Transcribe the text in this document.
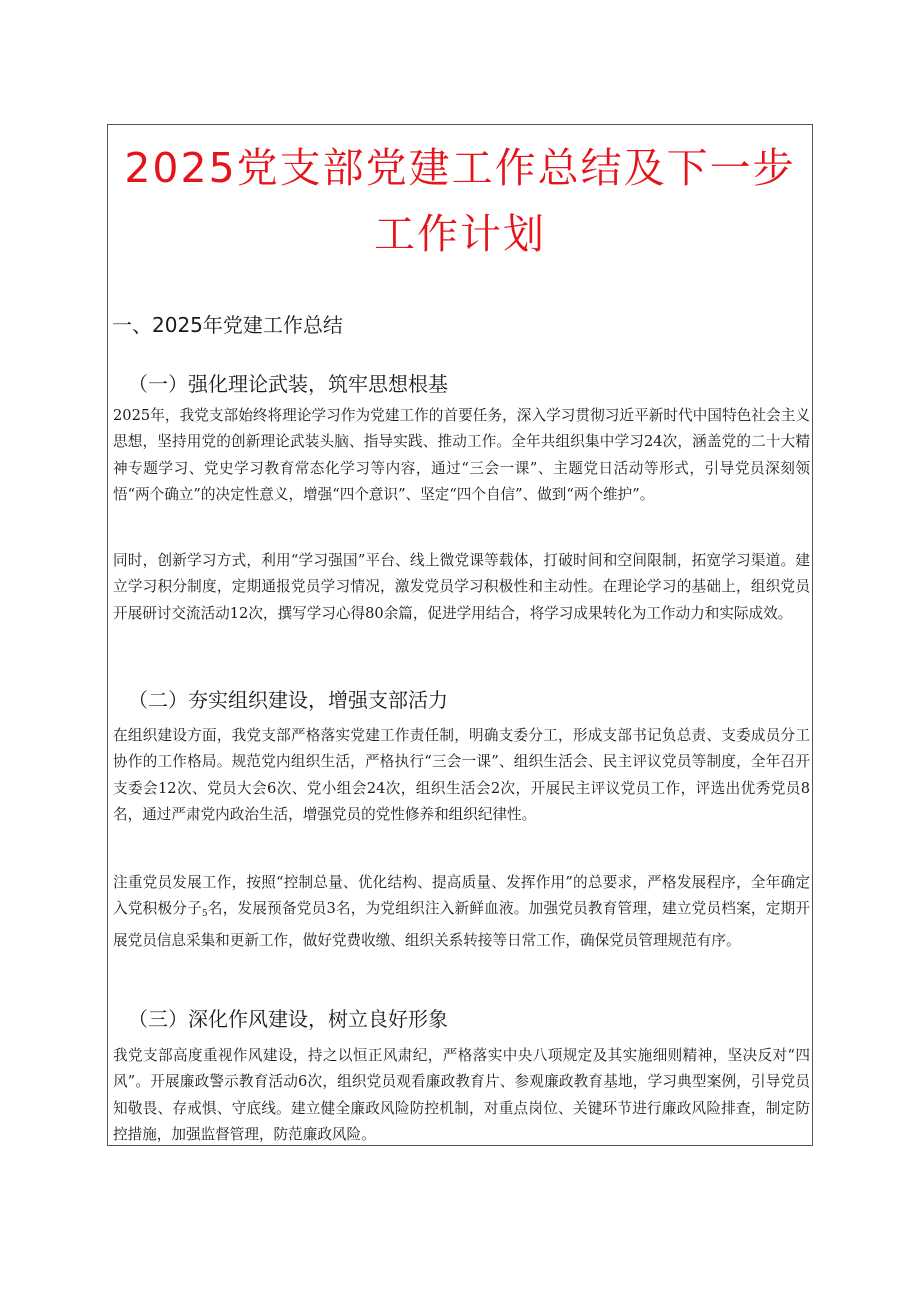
2025党支部党建工作总结及下一步
工作计划
一、2025年党建工作总结
（一）强化理论武装，筑牢思想根基

2025年，我党支部始终将理论学习作为党建工作的首要任务，深入学习贯彻习近平新时代中国特色社会主义思想，坚持用党的创新理论武装头脑、指导实践、推动工作。全年共组织集中学习24次，涵盖党的二十大精神专题学习、党史学习教育常态化学习等内容，通过“三会一课”、主题党日活动等形式，引导党员深刻领悟“两个确立”的决定性意义，增强“四个意识”、坚定“四个自信”、做到“两个维护”。

同时，创新学习方式，利用“学习强国”平台、线上微党课等载体，打破时间和空间限制，拓宽学习渠道。建立学习积分制度，定期通报党员学习情况，激发党员学习积极性和主动性。在理论学习的基础上，组织党员开展研讨交流活动12次，撰写学习心得80余篇，促进学用结合，将学习成果转化为工作动力和实际成效。

（二）夯实组织建设，增强支部活力

在组织建设方面，我党支部严格落实党建工作责任制，明确支委分工，形成支部书记负总责、支委成员分工协作的工作格局。规范党内组织生活，严格执行“三会一课”、组织生活会、民主评议党员等制度，全年召开支委会12次、党员大会6次、党小组会24次，组织生活会2次，开展民主评议党员工作，评选出优秀党员8名，通过严肃党内政治生活，增强党员的党性修养和组织纪律性。

注重党员发展工作，按照“控制总量、优化结构、提高质量、发挥作用”的总要求，严格发展程序，全年确定入党积极分子$_5$名，发展预备党员3名，为党组织注入新鲜血液。加强党员教育管理，建立党员档案，定期开展党员信息采集和更新工作，做好党费收缴、组织关系转接等日常工作，确保党员管理规范有序。

（三）深化作风建设，树立良好形象

我党支部高度重视作风建设，持之以恒正风肃纪，严格落实中央八项规定及其实施细则精神，坚决反对“四风”。开展廉政警示教育活动6次，组织党员观看廉政教育片、参观廉政教育基地，学习典型案例，引导党员知敬畏、存戒惧、守底线。建立健全廉政风险防控机制，对重点岗位、关键环节进行廉政风险排查，制定防控措施，加强监督管理，防范廉政风险。
